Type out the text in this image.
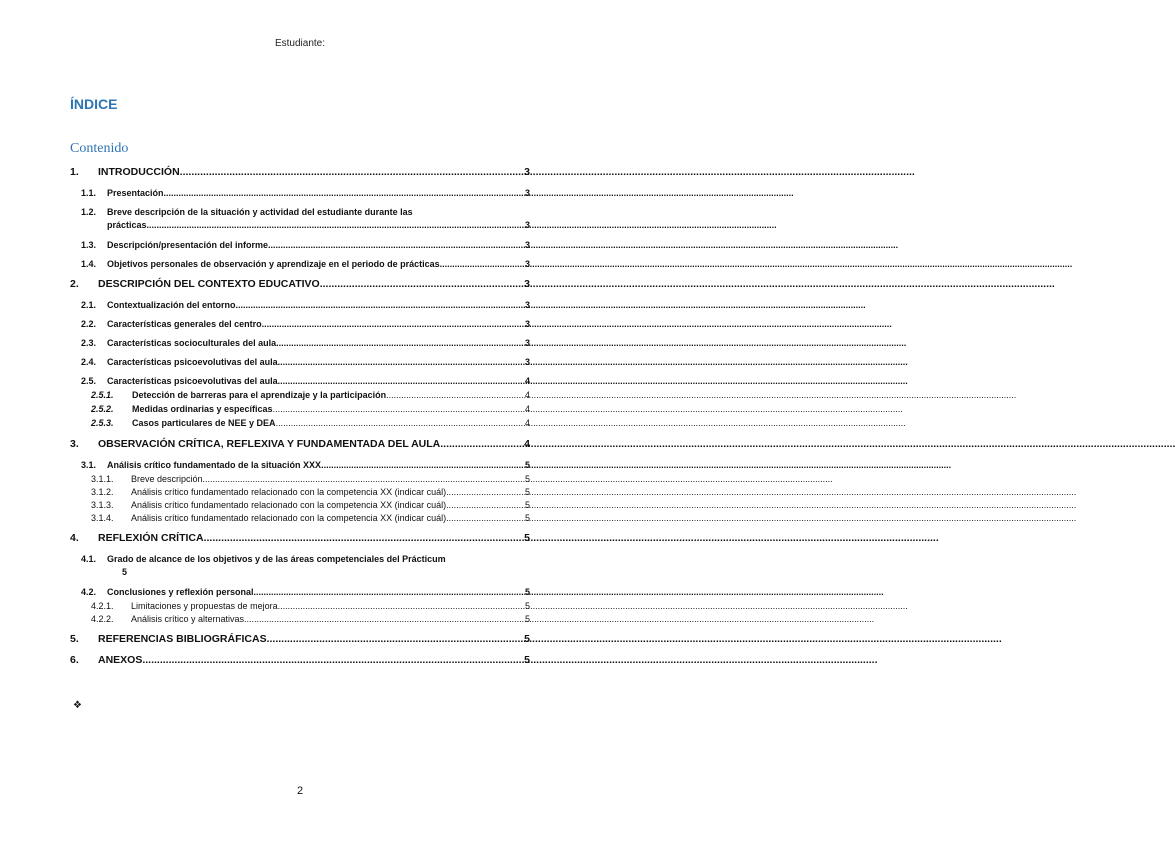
Estudiante:
ÍNDICE
Contenido
1.	INTRODUCCIÓN .....	3
1.1.	Presentación .....	3
1.2.	Breve descripción de la situación y actividad del estudiante durante las
prácticas .....	3
1.3.	Descripción/presentación del informe .....	3
1.4.	Objetivos personales de observación y aprendizaje en el periodo de prácticas. .....	3
2.	DESCRIPCIÓN DEL CONTEXTO EDUCATIVO .....	3
2.1.	Contextualización del entorno .....	3
2.2.	Características generales del centro .....	3
2.3.	Características socioculturales del aula .....	3
2.4.	Características psicoevolutivas del aula .....	3
2.5.	Características psicoevolutivas del aula .....	4
2.5.1.	Detección de barreras para el aprendizaje y la participación .....	4
2.5.2.	Medidas ordinarias y específicas .....	4
2.5.3.	Casos particulares de NEE y DEA .....	4
3.	OBSERVACIÓN CRÍTICA, REFLEXIVA Y FUNDAMENTADA DEL AULA .....	4
3.1.	Análisis crítico fundamentado de la situación XXX .....	5
3.1.1.	Breve descripción .....	5
3.1.2.	Análisis crítico fundamentado relacionado con la competencia XX (indicar cuál) .....	5
3.1.3.	Análisis crítico fundamentado relacionado con la competencia XX (indicar cuál) .....	5
3.1.4.	Análisis crítico fundamentado relacionado con la competencia XX (indicar cuál) .....	5
4.	REFLEXIÓN CRÍTICA .....	5
4.1.	Grado de alcance de los objetivos y de las áreas competenciales del Prácticum
5
4.2.	Conclusiones y reflexión personal .....	5
4.2.1.	Limitaciones y propuestas de mejora .....	5
4.2.2.	Análisis crítico y alternativas .....	5
5.	REFERENCIAS BIBLIOGRÁFICAS .....	5
6.	ANEXOS .....	5
❖
2
